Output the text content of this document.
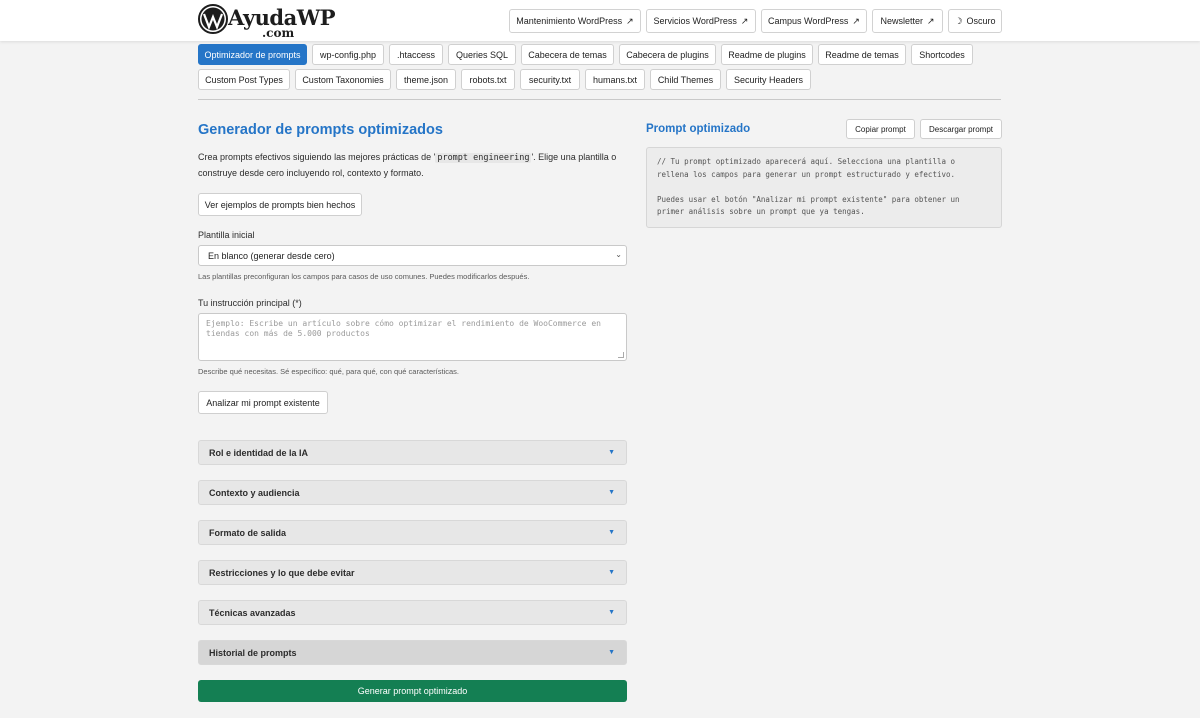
AyudaWP
.com
Mantenimiento WordPress ↗ Servicios WordPress ↗ Campus WordPress ↗ Newsletter ↗ ☽ Oscuro
Optimizador de prompts	wp-config.php	.htaccess	Queries SQL	Cabecera de temas	Cabecera de plugins	Readme de plugins	Readme de temas	Shortcodes
Custom Post Types	Custom Taxonomies	theme.json	robots.txt	security.txt	humans.txt	Child Themes	Security Headers
Generador de prompts optimizados
Crea prompts efectivos siguiendo las mejores prácticas de ' prompt engineering '. Elige una plantilla o construye desde cero incluyendo rol, contexto y formato.
Ver ejemplos de prompts bien hechos
Plantilla inicial
En blanco (generar desde cero)	⌄
Las plantillas preconfiguran los campos para casos de uso comunes. Puedes modificarlos después.
Tu instrucción principal (*)
Ejemplo: Escribe un artículo sobre cómo optimizar el rendimiento de WooCommerce en tiendas con más de 5.000 productos
Describe qué necesitas. Sé específico: qué, para qué, con qué características.
Analizar mi prompt existente
Rol e identidad de la IA	▼
Contexto y audiencia	▼
Formato de salida	▼
Restricciones y lo que debe evitar	▼
Técnicas avanzadas	▼
Historial de prompts	▼
Generar prompt optimizado
Prompt optimizado	Copiar prompt	Descargar prompt

// Tu prompt optimizado aparecerá aquí. Selecciona una plantilla o rellena los campos para generar un prompt estructurado y efectivo.

Puedes usar el botón "Analizar mi prompt existente" para obtener un primer análisis sobre un prompt que ya tengas.
